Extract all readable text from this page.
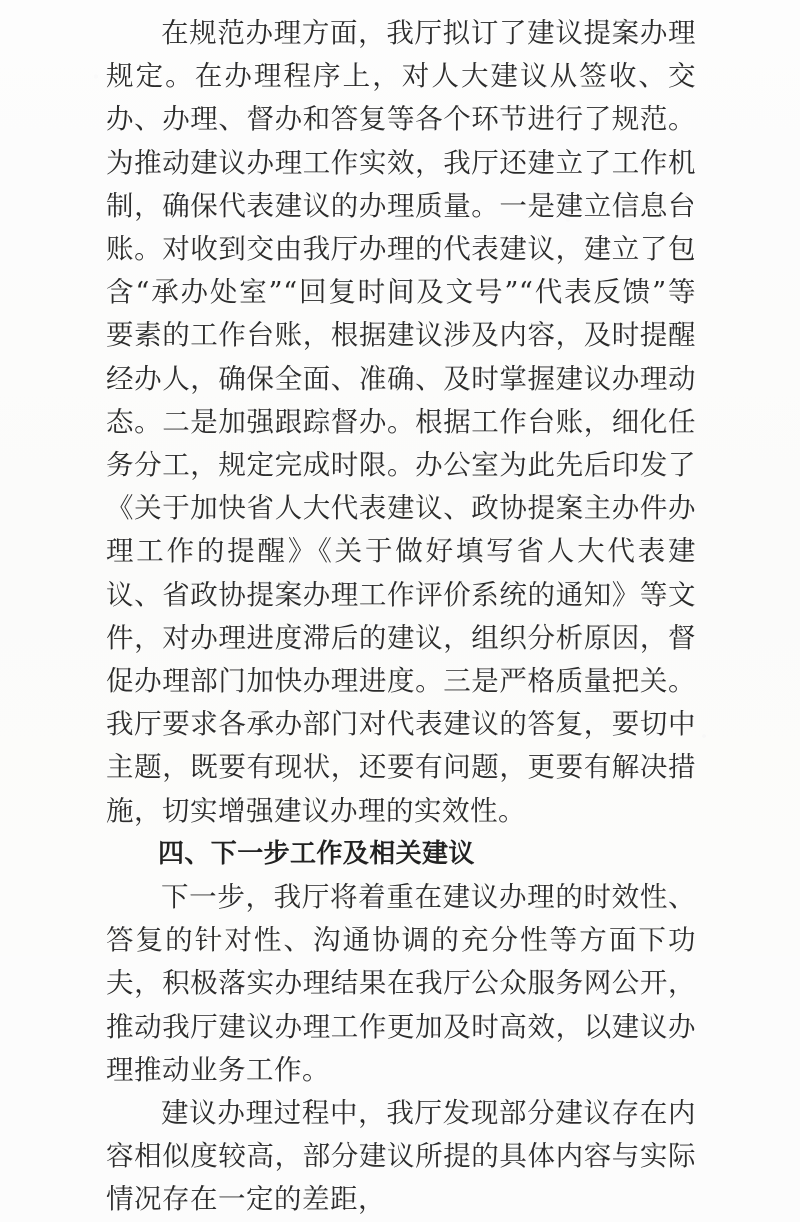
在规范办理方面，我厅拟订了建议提案办理规定。在办理程序上，对人大建议从签收、交办、办理、督办和答复等各个环节进行了规范。为推动建议办理工作实效，我厅还建立了工作机制，确保代表建议的办理质量。一是建立信息台账。对收到交由我厅办理的代表建议，建立了包含“承办处室”“回复时间及文号”“代表反馈”等要素的工作台账，根据建议涉及内容，及时提醒经办人，确保全面、准确、及时掌握建议办理动态。二是加强跟踪督办。根据工作台账，细化任务分工，规定完成时限。办公室为此先后印发了《关于加快省人大代表建议、政协提案主办件办理工作的提醒》《关于做好填写省人大代表建议、省政协提案办理工作评价系统的通知》等文件，对办理进度滞后的建议，组织分析原因，督促办理部门加快办理进度。三是严格质量把关。我厅要求各承办部门对代表建议的答复，要切中主题，既要有现状，还要有问题，更要有解决措施，切实增强建议办理的实效性。

四、下一步工作及相关建议

下一步，我厅将着重在建议办理的时效性、答复的针对性、沟通协调的充分性等方面下功夫，积极落实办理结果在我厅公众服务网公开，推动我厅建议办理工作更加及时高效，以建议办理推动业务工作。

建议办理过程中，我厅发现部分建议存在内容相似度较高，部分建议所提的具体内容与实际情况存在一定的差距，
